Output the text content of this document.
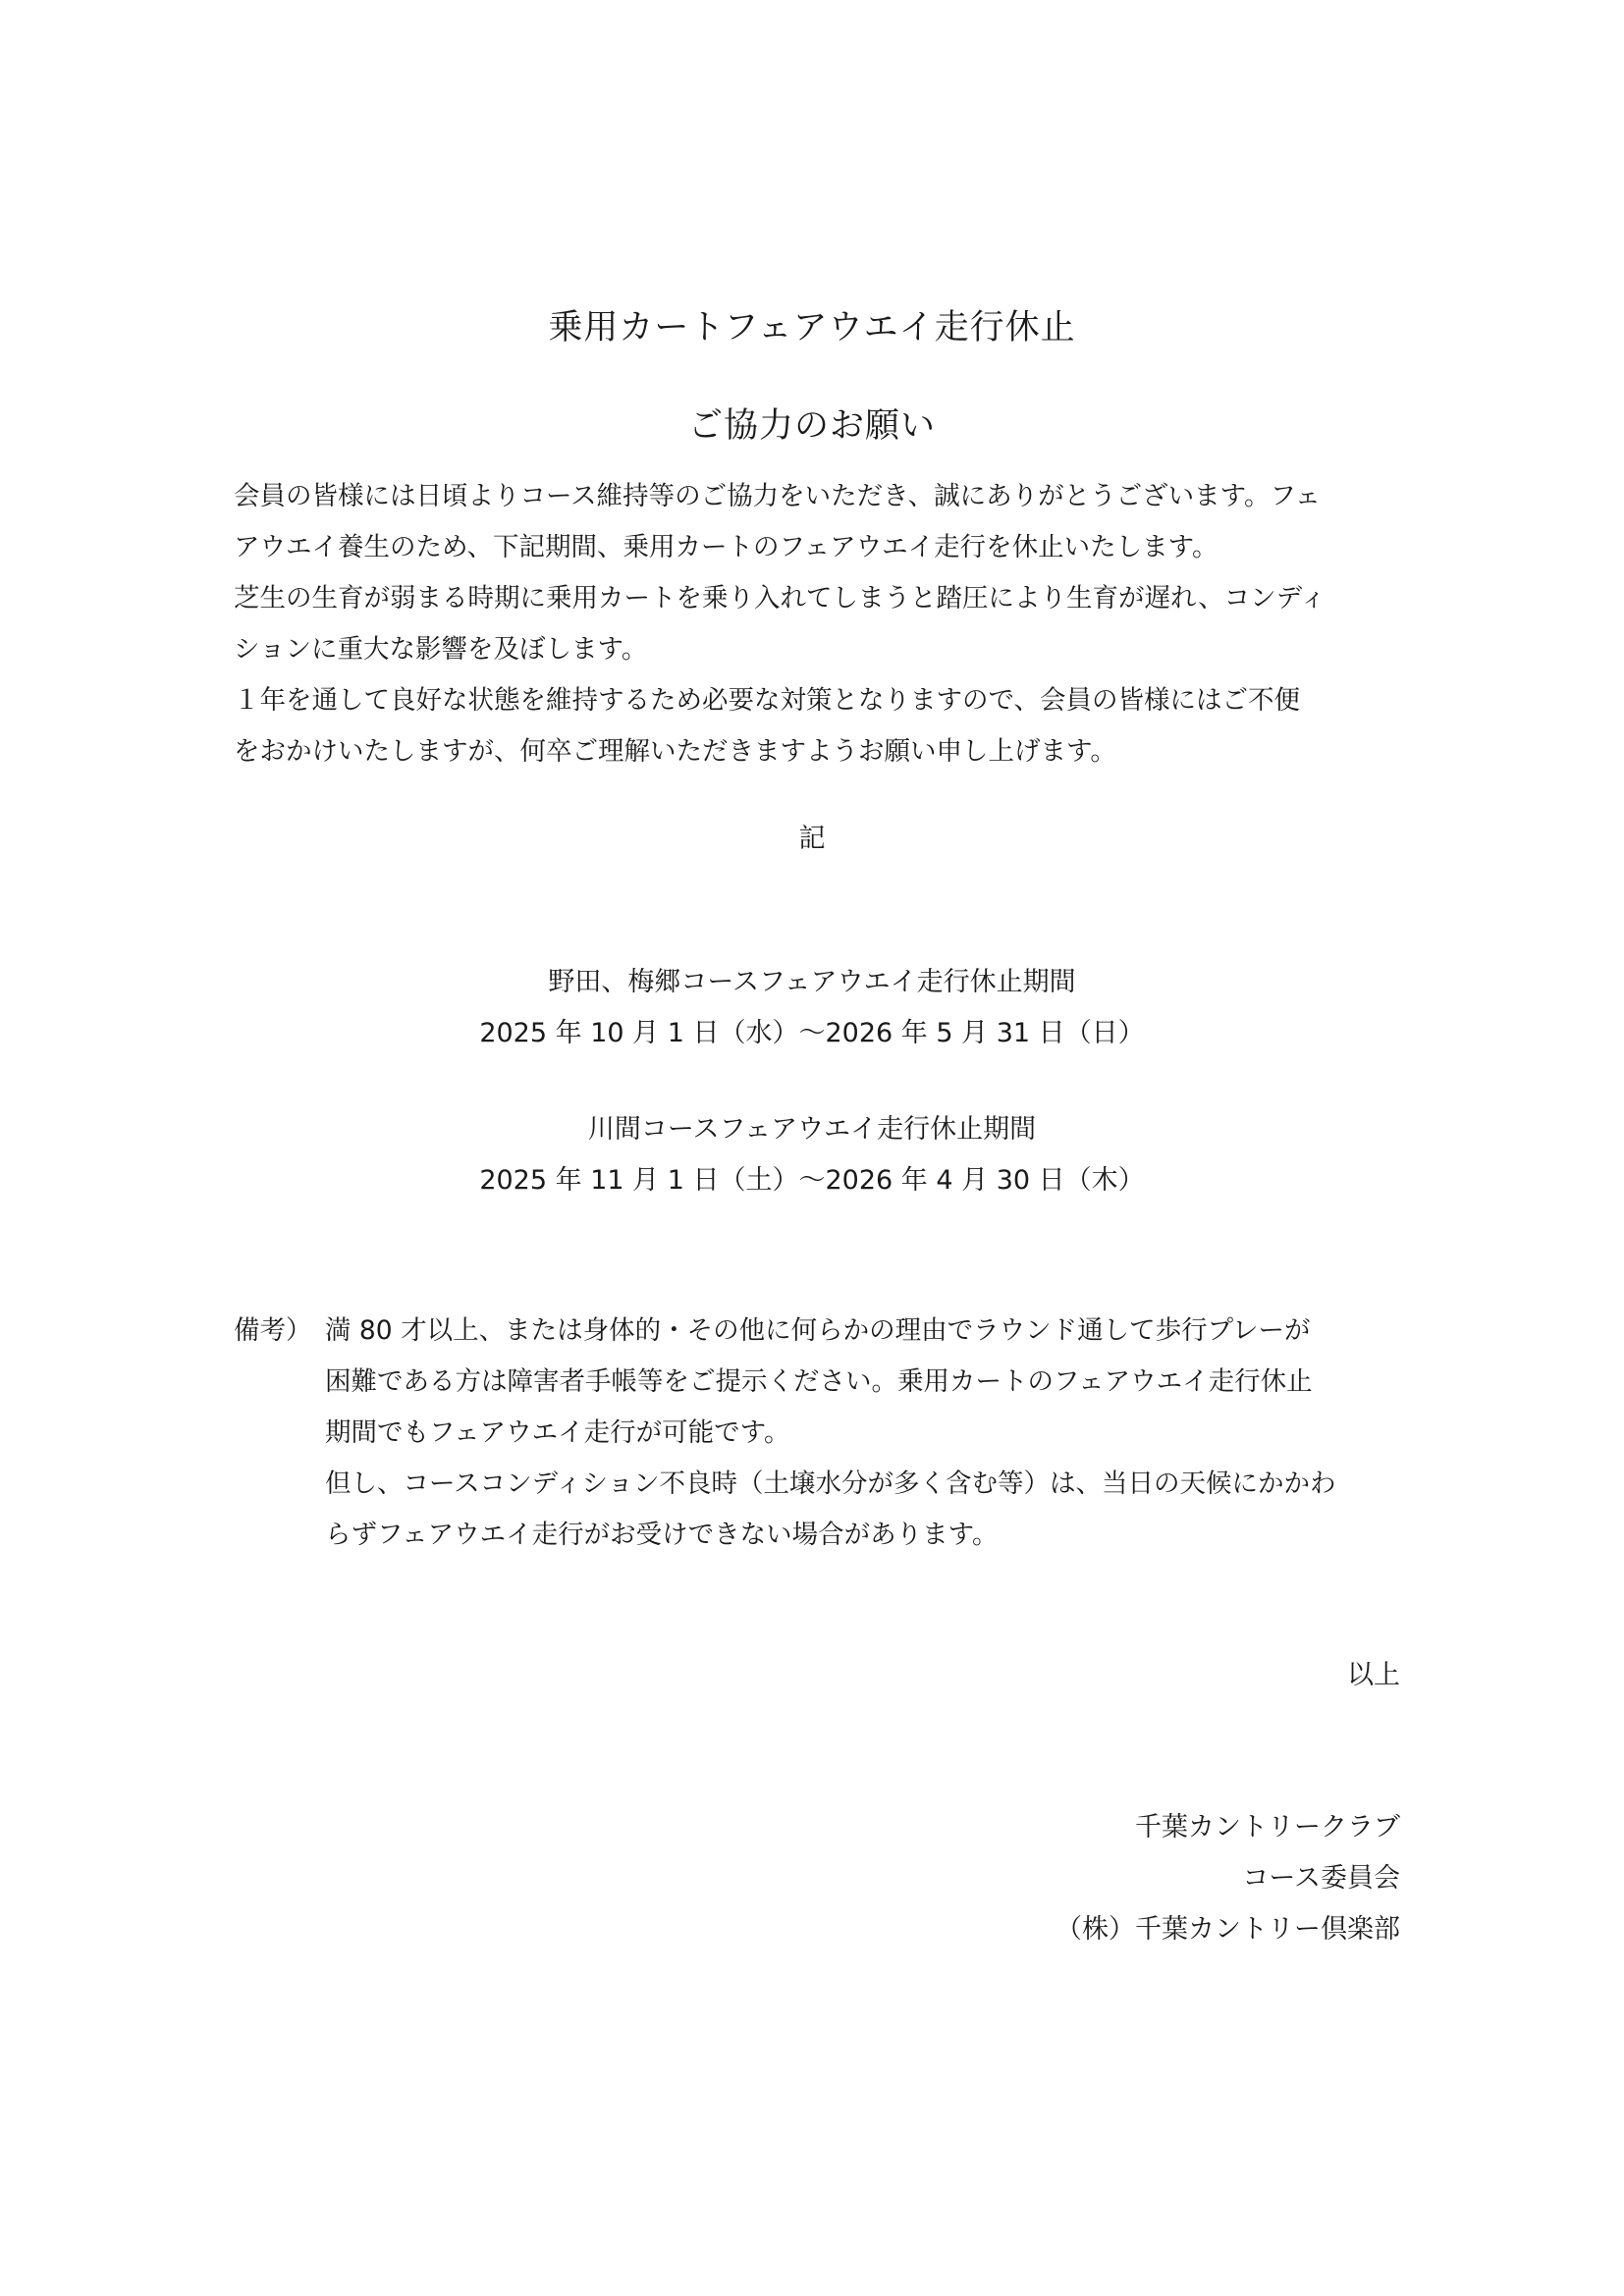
乗用カートフェアウエイ走行休止
ご協力のお願い

会員の皆様には日頃よりコース維持等のご協力をいただき、誠にありがとうございます。フェ

アウエイ養生のため、下記期間、乗用カートのフェアウエイ走行を休止いたします。

芝生の生育が弱まる時期に乗用カートを乗り入れてしまうと踏圧により生育が遅れ、コンディ

ションに重大な影響を及ぼします。

１年を通して良好な状態を維持するため必要な対策となりますので、会員の皆様にはご不便

をおかけいたしますが、何卒ご理解いただきますようお願い申し上げます。

記

野田、梅郷コースフェアウエイ走行休止期間

2025 年 10 月 1 日（水）～2026 年 5 月 31 日（日）

川間コースフェアウエイ走行休止期間

2025 年 11 月 1 日（土）～2026 年 4 月 30 日（木）

備考） 満 80 才以上、または身体的・その他に何らかの理由でラウンド通して歩行プレーが

困難である方は障害者手帳等をご提示ください。乗用カートのフェアウエイ走行休止

期間でもフェアウエイ走行が可能です。

但し、コースコンディション不良時（土壌水分が多く含む等）は、当日の天候にかかわ

らずフェアウエイ走行がお受けできない場合があります。

以上

千葉カントリークラブ

コース委員会

（株）千葉カントリー倶楽部
